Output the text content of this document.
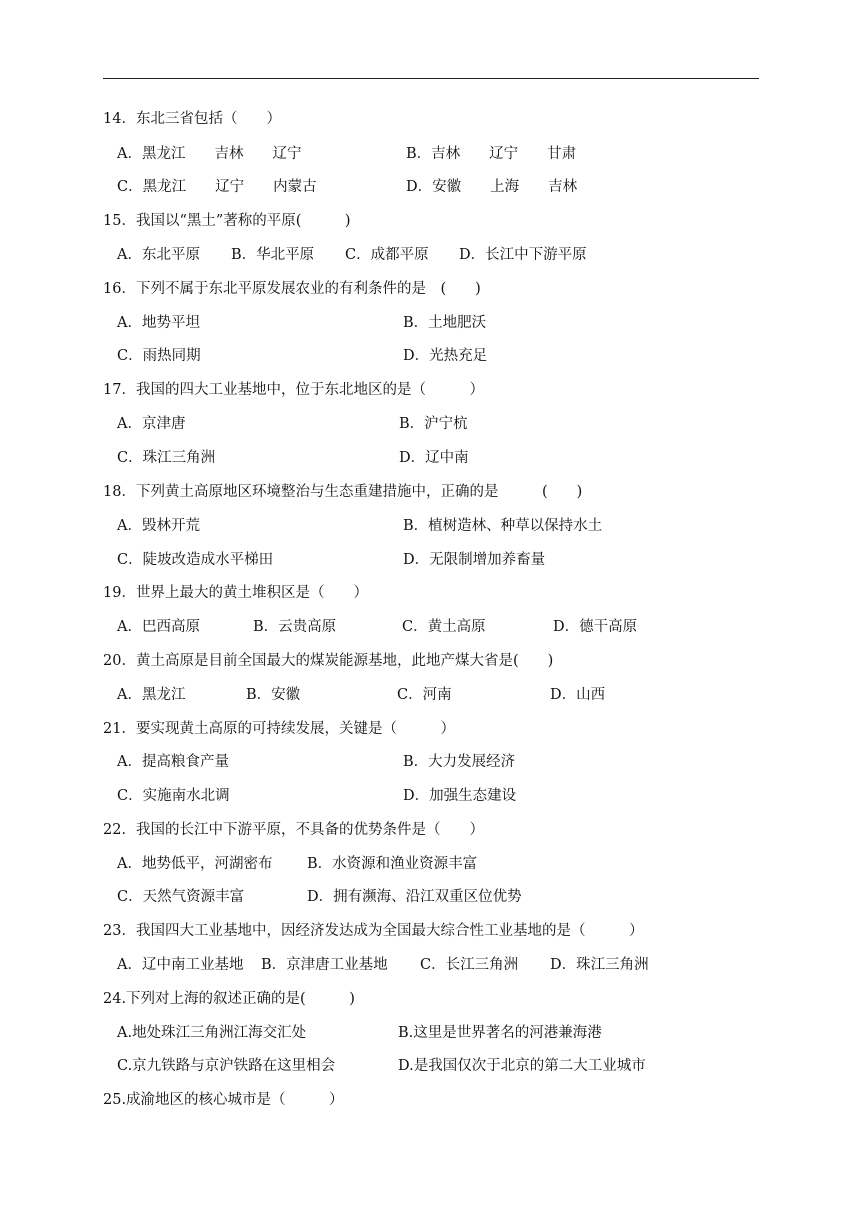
14．东北三省包括（　　）
A．黑龙江　　吉林　　辽宁	B．吉林　　辽宁　　甘肃
C．黑龙江　　辽宁　　内蒙古	D．安徽　　上海　　吉林
15．我国以“黑土”著称的平原(　　　)
A．东北平原 B．华北平原 C．成都平原 D．长江中下游平原
16．下列不属于东北平原发展农业的有利条件的是　(　　)
A．地势平坦	B．土地肥沃
C．雨热同期	D．光热充足
17．我国的四大工业基地中，位于东北地区的是（　　　）
A．京津唐	B．沪宁杭
C．珠江三角洲	D．辽中南
18．下列黄土高原地区环境整治与生态重建措施中，正确的是　　　(　　)
A．毁林开荒	B．植树造林、种草以保持水土
C．陡坡改造成水平梯田	D．无限制增加养畜量
19．世界上最大的黄土堆积区是（　　）
A．巴西高原	B．云贵高原	C．黄土高原	D．德干高原
20．黄土高原是目前全国最大的煤炭能源基地，此地产煤大省是(　　)
A．黑龙江	B．安徽	C．河南	D．山西
21．要实现黄土高原的可持续发展，关键是（　　　）
A．提高粮食产量	B．大力发展经济
C．实施南水北调	D．加强生态建设
22．我国的长江中下游平原，不具备的优势条件是（　　）
A．地势低平，河湖密布 B．水资源和渔业资源丰富
C．天然气资源丰富	D．拥有濒海、沿江双重区位优势
23．我国四大工业基地中，因经济发达成为全国最大综合性工业基地的是（　　　）
A．辽中南工业基地 B．京津唐工业基地 C．长江三角洲 D．珠江三角洲
24.下列对上海的叙述正确的是(　　　)
A.地处珠江三角洲江海交汇处	B.这里是世界著名的河港兼海港
C.京九铁路与京沪铁路在这里相会	D.是我国仅次于北京的第二大工业城市
25.成渝地区的核心城市是（　　　）
